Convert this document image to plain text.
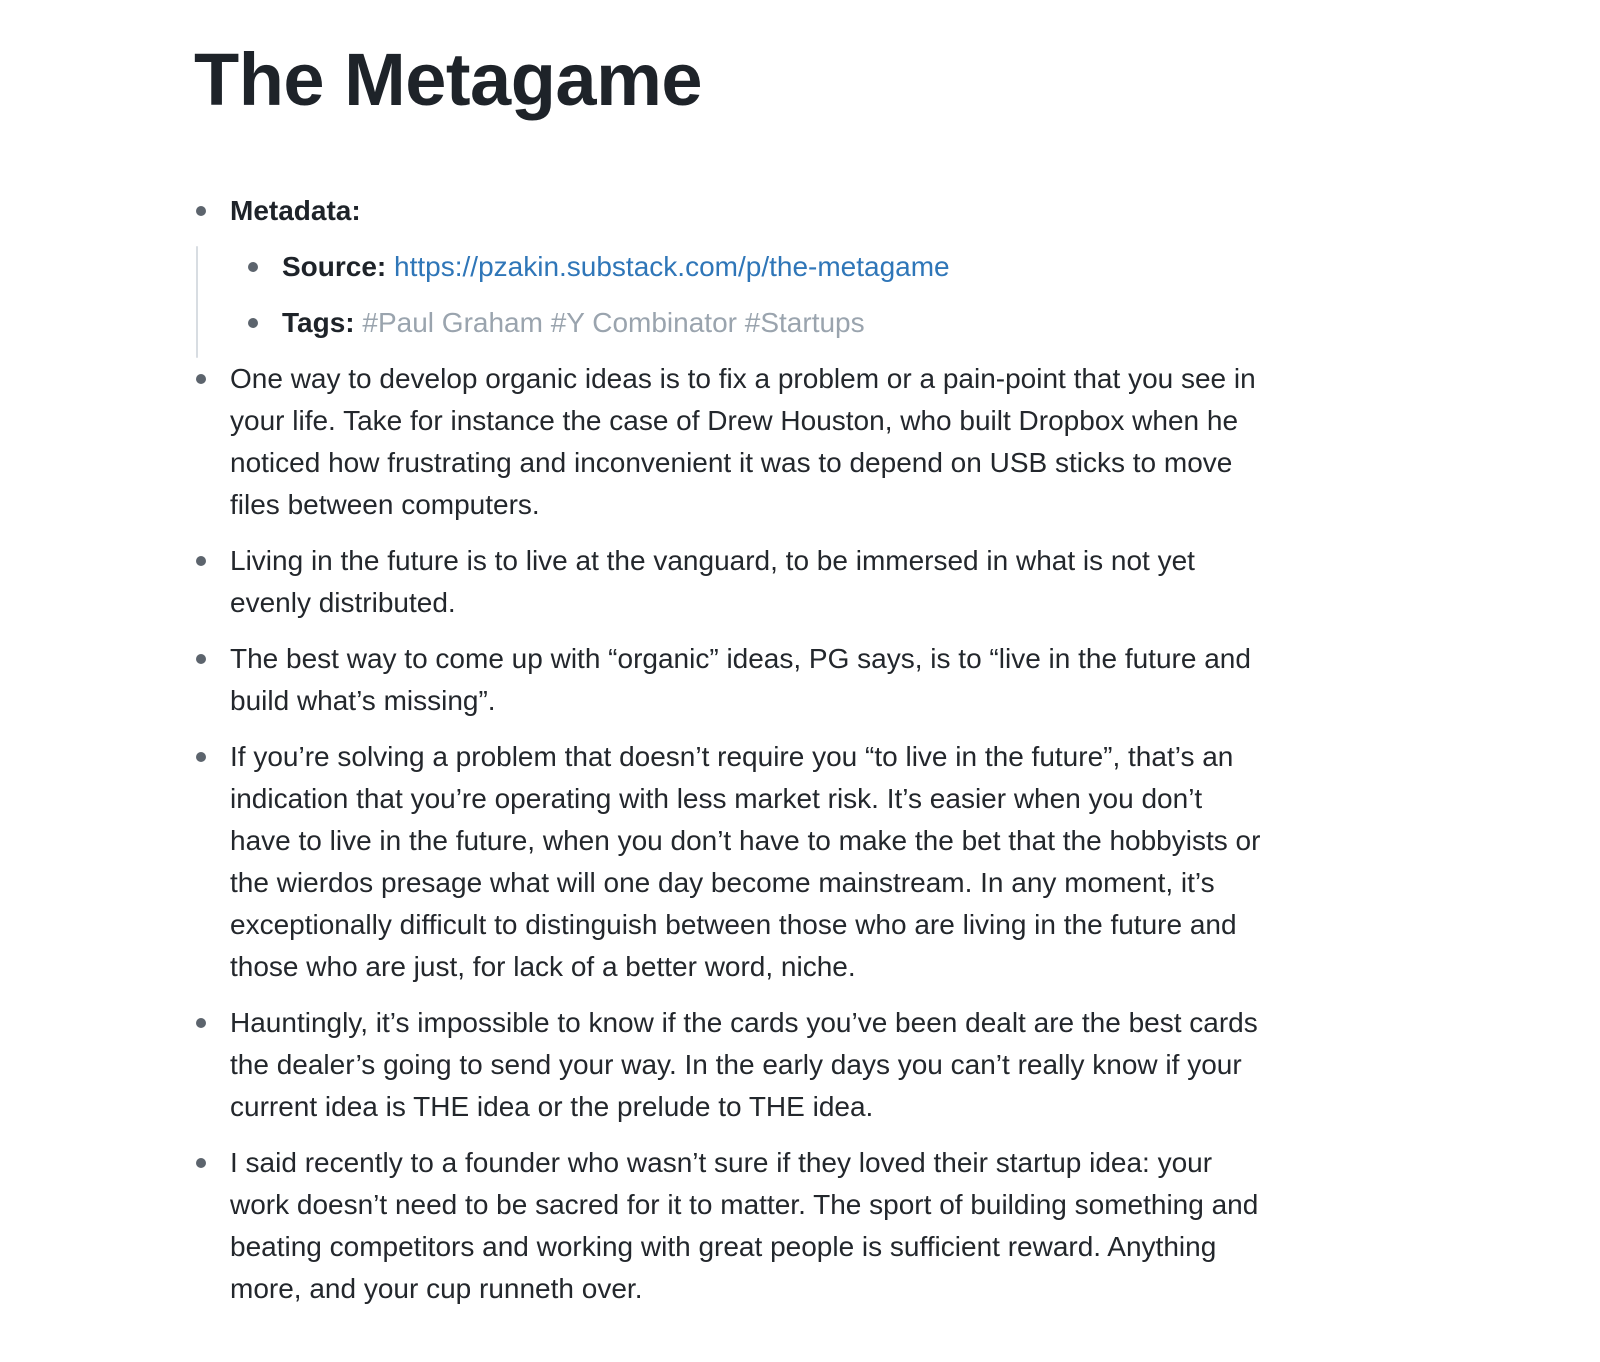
The Metagame
Metadata:
Source: https://pzakin.substack.com/p/the-metagame
Tags: #Paul Graham #Y Combinator #Startups
One way to develop organic ideas is to fix a problem or a pain-point that you see in your life. Take for instance the case of Drew Houston, who built Dropbox when he noticed how frustrating and inconvenient it was to depend on USB sticks to move files between computers.
Living in the future is to live at the vanguard, to be immersed in what is not yet evenly distributed.
The best way to come up with “organic” ideas, PG says, is to “live in the future and build what’s missing”.
If you’re solving a problem that doesn’t require you “to live in the future”, that’s an indication that you’re operating with less market risk. It’s easier when you don’t have to live in the future, when you don’t have to make the bet that the hobbyists or the wierdos presage what will one day become mainstream. In any moment, it’s exceptionally difficult to distinguish between those who are living in the future and those who are just, for lack of a better word, niche.
Hauntingly, it’s impossible to know if the cards you’ve been dealt are the best cards the dealer’s going to send your way. In the early days you can’t really know if your current idea is THE idea or the prelude to THE idea.
I said recently to a founder who wasn’t sure if they loved their startup idea: your work doesn’t need to be sacred for it to matter. The sport of building something and beating competitors and working with great people is sufficient reward. Anything more, and your cup runneth over.
